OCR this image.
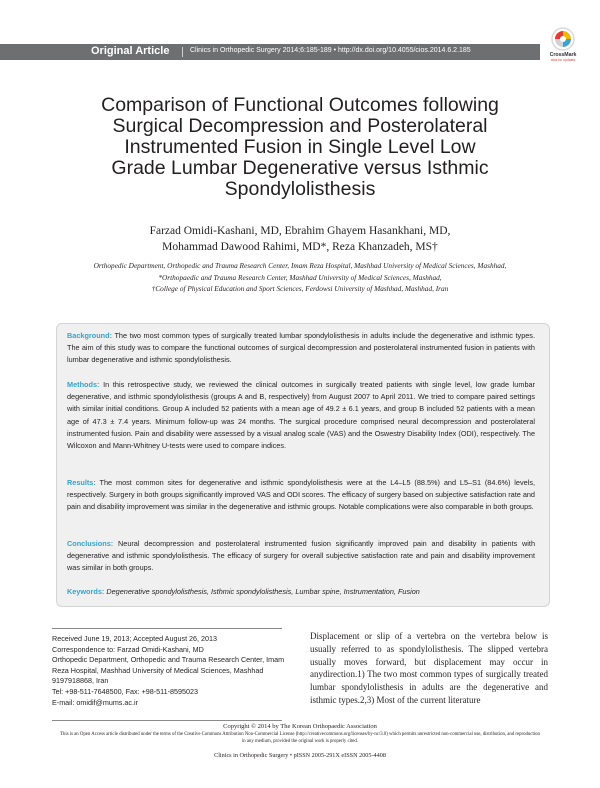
Original Article	Clinics in Orthopedic Surgery 2014;6:185-189 • http://dx.doi.org/10.4055/cios.2014.6.2.185
CrossMark
click for updates
Comparison of Functional Outcomes following
Surgical Decompression and Posterolateral
Instrumented Fusion in Single Level Low
Grade Lumbar Degenerative versus Isthmic
Spondylolisthesis
Farzad Omidi-Kashani, MD, Ebrahim Ghayem Hasankhani, MD,
Mohammad Dawood Rahimi, MD*, Reza Khanzadeh, MS†
Orthopedic Department, Orthopedic and Trauma Research Center, Imam Reza Hospital, Mashhad University of Medical Sciences, Mashhad,
*Orthopaedic and Trauma Research Center, Mashhad University of Medical Sciences, Mashhad,
†College of Physical Education and Sport Sciences, Ferdowsi University of Mashhad, Mashhad, Iran

Background: The two most common types of surgically treated lumbar spondylolisthesis in adults include the degenerative and isthmic types. The aim of this study was to compare the functional outcomes of surgical decompression and posterolateral instrumented fusion in patients with lumbar degenerative and isthmic spondylolisthesis.

Methods: In this retrospective study, we reviewed the clinical outcomes in surgically treated patients with single level, low grade lumbar degenerative, and isthmic spondylolisthesis (groups A and B, respectively) from August 2007 to April 2011. We tried to compare paired settings with similar initial conditions. Group A included 52 patients with a mean age of 49.2 ± 6.1 years, and group B included 52 patients with a mean age of 47.3 ± 7.4 years. Minimum follow-up was 24 months. The surgical procedure comprised neural decompression and posterolateral instrumented fusion. Pain and disability were assessed by a visual analog scale (VAS) and the Oswestry Disability Index (ODI), respectively. The Wilcoxon and Mann-Whitney U-tests were used to compare indices.

Results: The most common sites for degenerative and isthmic spondylolisthesis were at the L4–L5 (88.5%) and L5–S1 (84.6%) levels, respectively. Surgery in both groups significantly improved VAS and ODI scores. The efficacy of surgery based on subjective satisfaction rate and pain and disability improvement was similar in the degenerative and isthmic groups. Notable complications were also comparable in both groups.

Conclusions: Neural decompression and posterolateral instrumented fusion significantly improved pain and disability in patients with degenerative and isthmic spondylolisthesis. The efficacy of surgery for overall subjective satisfaction rate and pain and disability improvement was similar in both groups.

Keywords: Degenerative spondylolisthesis, Isthmic spondylolisthesis, Lumbar spine, Instrumentation, Fusion

Received June 19, 2013; Accepted August 26, 2013
Correspondence to: Farzad Omidi-Kashani, MD
Orthopedic Department, Orthopedic and Trauma Research Center, Imam
Reza Hospital, Mashhad University of Medical Sciences, Mashhad
9197918868, Iran
Tel: +98-511-7648500, Fax: +98-511-8595023
E-mail: omidif@mums.ac.ir

Displacement or slip of a vertebra on the vertebra below is usually referred to as spondylolisthesis. The slipped vertebra usually moves forward, but displacement may occur in anydirection.1) The two most common types of surgically treated lumbar spondylolisthesis in adults are the degenerative and isthmic types.2,3) Most of the current literature

Copyright © 2014 by The Korean Orthopaedic Association
This is an Open Access article distributed under the terms of the Creative Commons Attribution Non-Commercial License (http://creativecommons.org/licenses/by-nc/3.0) which permits unrestricted non-commercial use, distribution, and reproduction in any medium, provided the original work is properly cited.
Clinics in Orthopedic Surgery • pISSN 2005-291X eISSN 2005-4408
